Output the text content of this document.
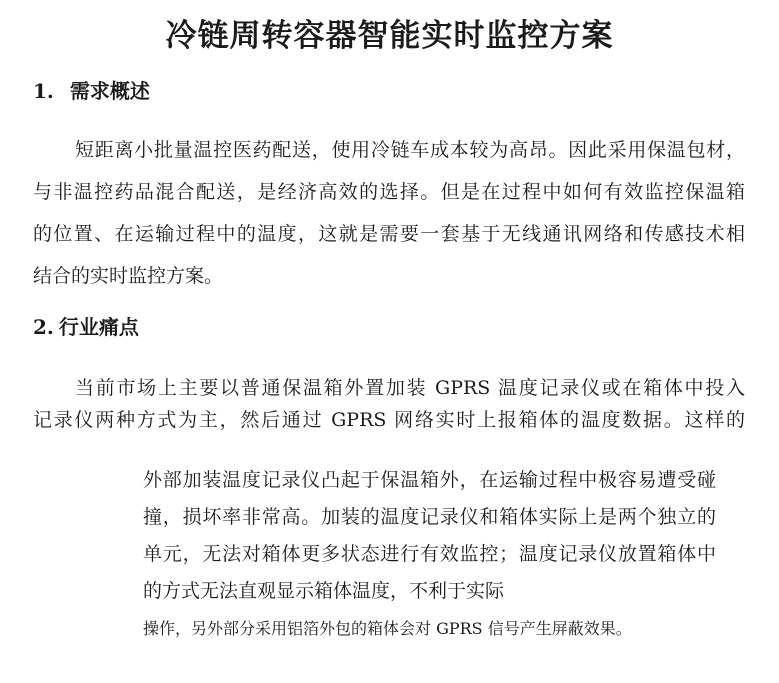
冷链周转容器智能实时监控方案
1. 需求概述
短距离小批量温控医药配送，使用冷链车成本较为高昂。因此采用保温包材，
与非温控药品混合配送，是经济高效的选择。但是在过程中如何有效监控保温箱
的位置、在运输过程中的温度，这就是需要一套基于无线通讯网络和传感技术相
结合的实时监控方案。
2. 行业痛点
当前市场上主要以普通保温箱外置加装 GPRS 温度记录仪或在箱体中投入
记录仪两种方式为主，然后通过 GPRS 网络实时上报箱体的温度数据。这样的
外部加装温度记录仪凸起于保温箱外，在运输过程中极容易遭受碰
撞，损坏率非常高。加装的温度记录仪和箱体实际上是两个独立的
单元，无法对箱体更多状态进行有效监控；温度记录仪放置箱体中
的方式无法直观显示箱体温度，不利于实际
操作，另外部分采用铝箔外包的箱体会对 GPRS 信号产生屏蔽效果。
